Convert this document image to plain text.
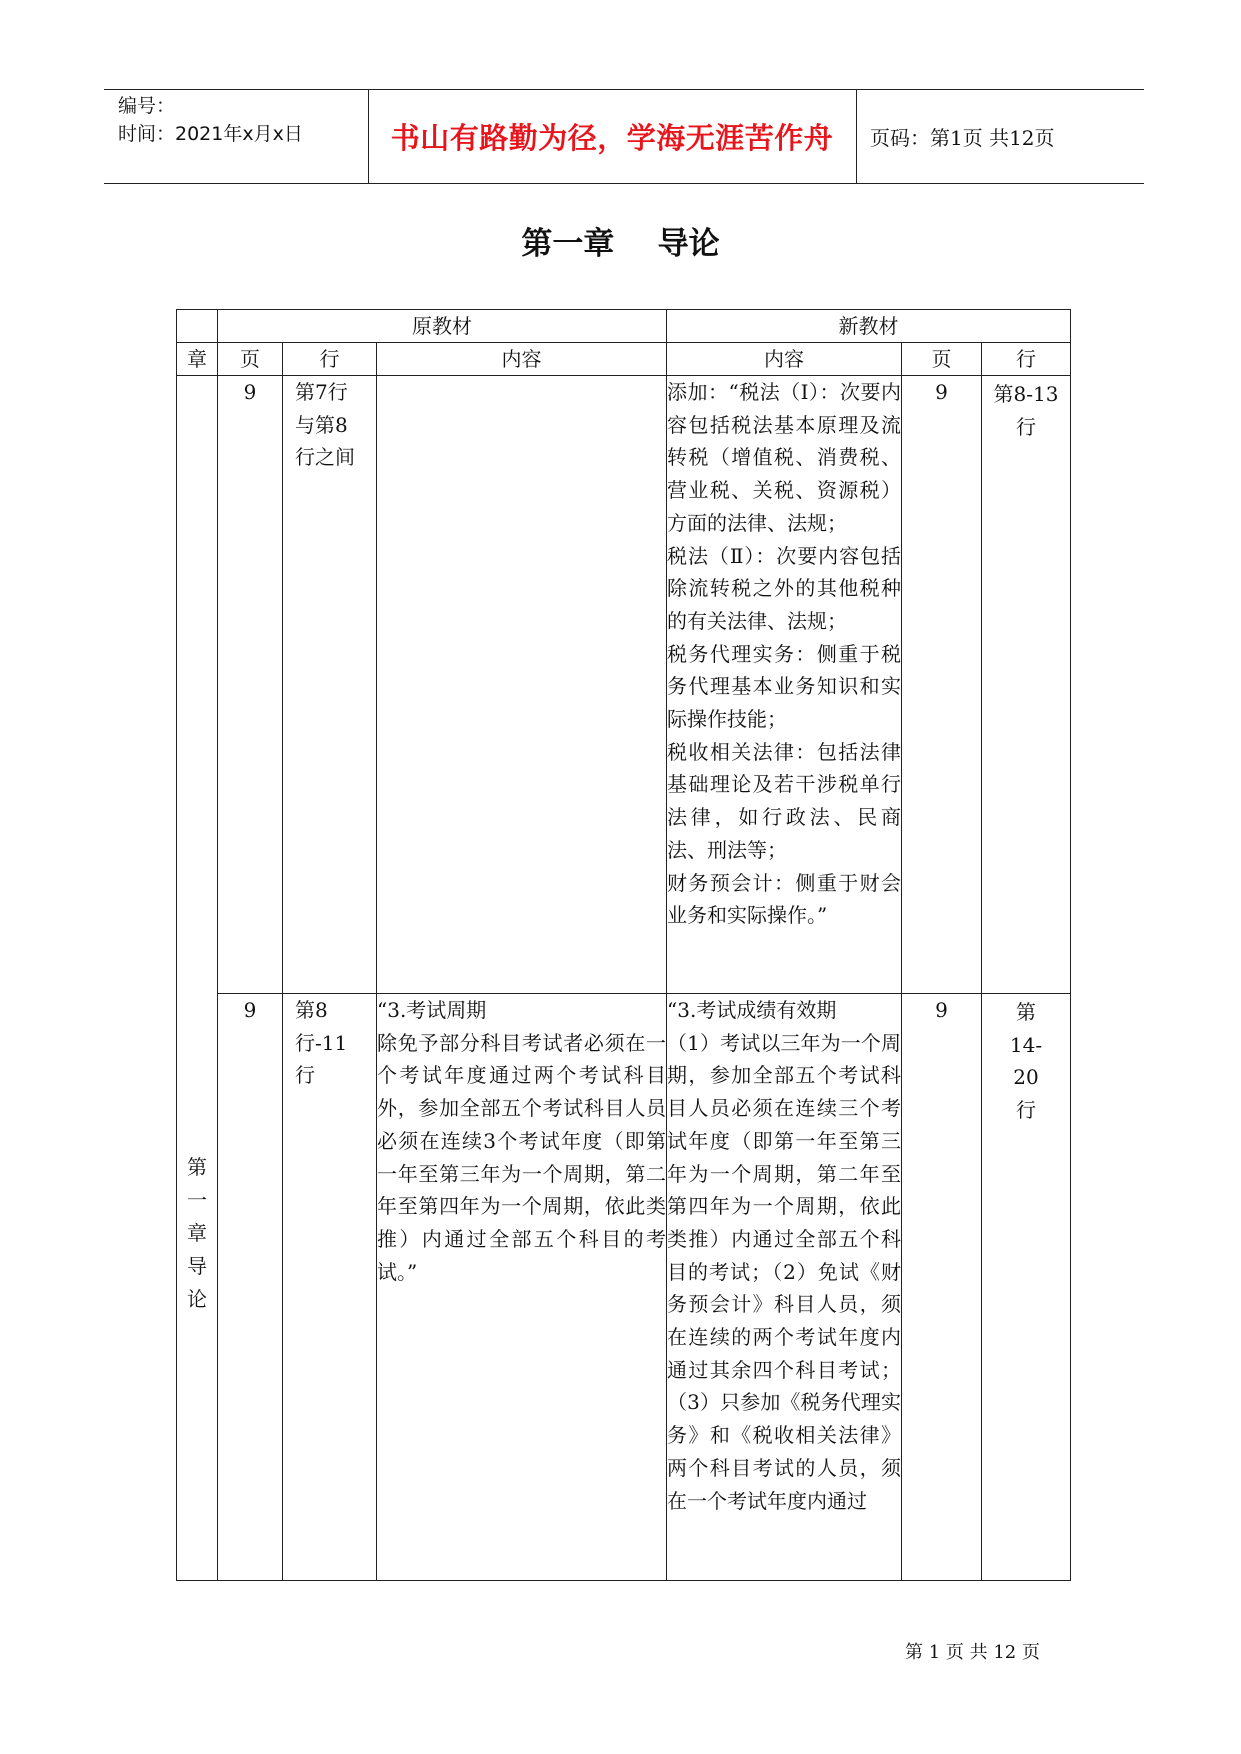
编号：
时间：2021年x月x日	书山有路勤为径，学海无涯苦作舟	页码：第1页 共12页
第一章    导论
	原教材			新教材		
章	页	行	内容	内容	页	行
第一章导论	9	第7行与第8行之间		添加：“税法（Ⅰ）：次要内容包括税法基本原理及流转税（增值税、消费税、营业税、关税、资源税）方面的法律、法规；
税法（Ⅱ）：次要内容包括除流转税之外的其他税种的有关法律、法规；
税务代理实务：侧重于税务代理基本业务知识和实际操作技能；
税收相关法律：包括法律基础理论及若干涉税单行法律，如行政法、民商法、刑法等；
财务预会计：侧重于财会业务和实际操作。”	9	第8-13行
	9	第8行-11行	“3.考试周期
除免予部分科目考试者必须在一个考试年度通过两个考试科目外，参加全部五个考试科目人员必须在连续3个考试年度（即第一年至第三年为一个周期，第二年至第四年为一个周期，依此类推）内通过全部五个科目的考试。”	“3.考试成绩有效期
（1）考试以三年为一个周期，参加全部五个考试科目人员必须在连续三个考试年度（即第一年至第三年为一个周期，第二年至第四年为一个周期，依此类推）内通过全部五个科目的考试；（2）免试《财务预会计》科目人员，须在连续的两个考试年度内通过其余四个科目考试；（3）只参加《税务代理实务》和《税收相关法律》两个科目考试的人员，须在一个考试年度内通过	9	第14-20行
第 1 页 共 12 页
